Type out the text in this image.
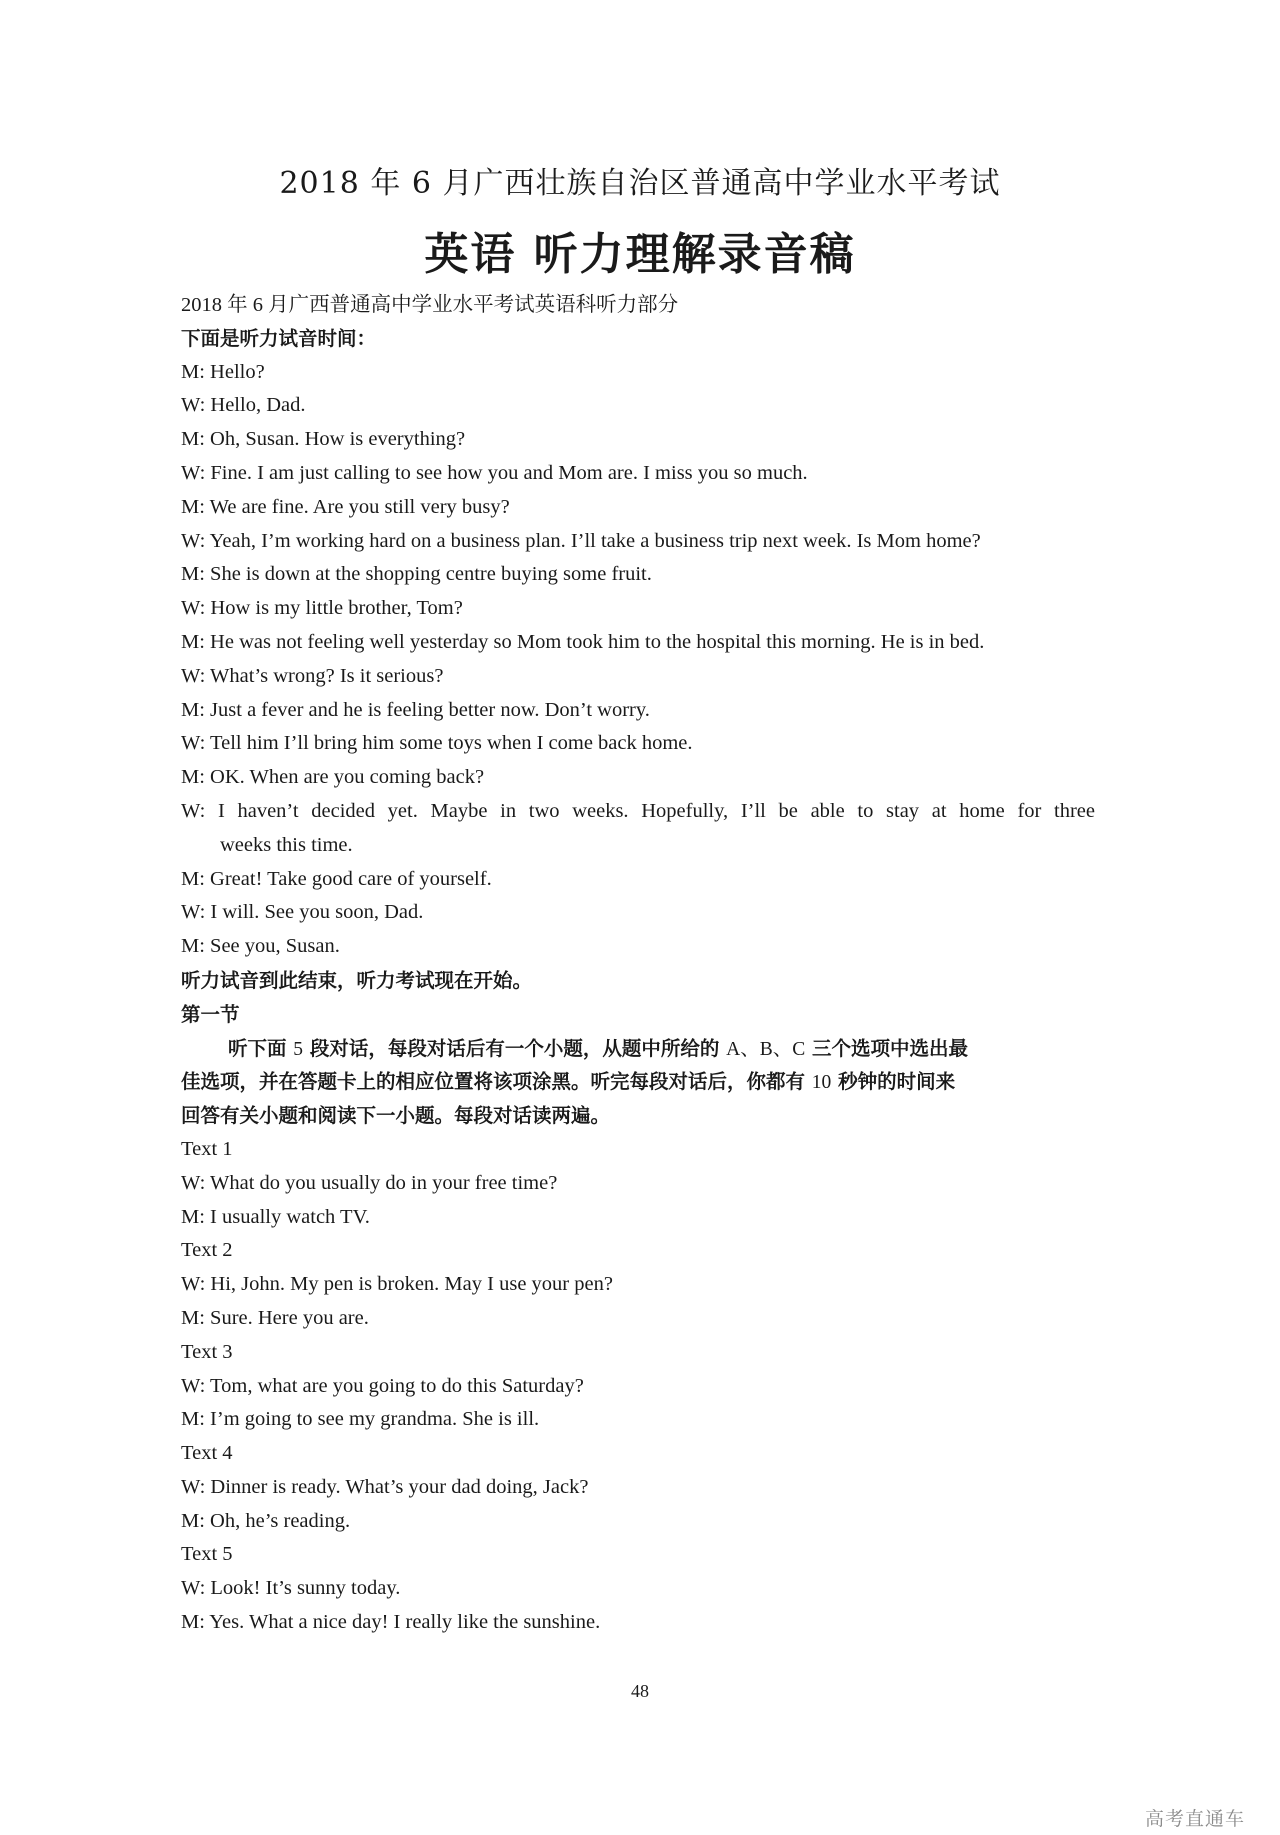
2018 年 6 月广西壮族自治区普通高中学业水平考试
英语 听力理解录音稿
2018 年 6 月广西普通高中学业水平考试英语科听力部分
下面是听力试音时间：
M: Hello?
W: Hello, Dad.
M: Oh, Susan. How is everything?
W: Fine. I am just calling to see how you and Mom are. I miss you so much.
M: We are fine. Are you still very busy?
W: Yeah, I’m working hard on a business plan. I’ll take a business trip next week. Is Mom home?
M: She is down at the shopping centre buying some fruit.
W: How is my little brother, Tom?
M: He was not feeling well yesterday so Mom took him to the hospital this morning. He is in bed.
W: What’s wrong? Is it serious?
M: Just a fever and he is feeling better now. Don’t worry.
W: Tell him I’ll bring him some toys when I come back home.
M: OK. When are you coming back?
W: I haven’t decided yet. Maybe in two weeks. Hopefully, I’ll be able to stay at home for three
weeks this time.
M: Great! Take good care of yourself.
W: I will. See you soon, Dad.
M: See you, Susan.
听力试音到此结束，听力考试现在开始。
第一节
听下面 5 段对话，每段对话后有一个小题，从题中所给的 A、B、C 三个选项中选出最
佳选项，并在答题卡上的相应位置将该项涂黑。听完每段对话后，你都有 10 秒钟的时间来
回答有关小题和阅读下一小题。每段对话读两遍。
Text 1
W: What do you usually do in your free time?
M: I usually watch TV.
Text 2
W: Hi, John. My pen is broken. May I use your pen?
M: Sure. Here you are.
Text 3
W: Tom, what are you going to do this Saturday?
M: I’m going to see my grandma. She is ill.
Text 4
W: Dinner is ready. What’s your dad doing, Jack?
M: Oh, he’s reading.
Text 5
W: Look! It’s sunny today.
M: Yes. What a nice day! I really like the sunshine.
48
高考直通车
